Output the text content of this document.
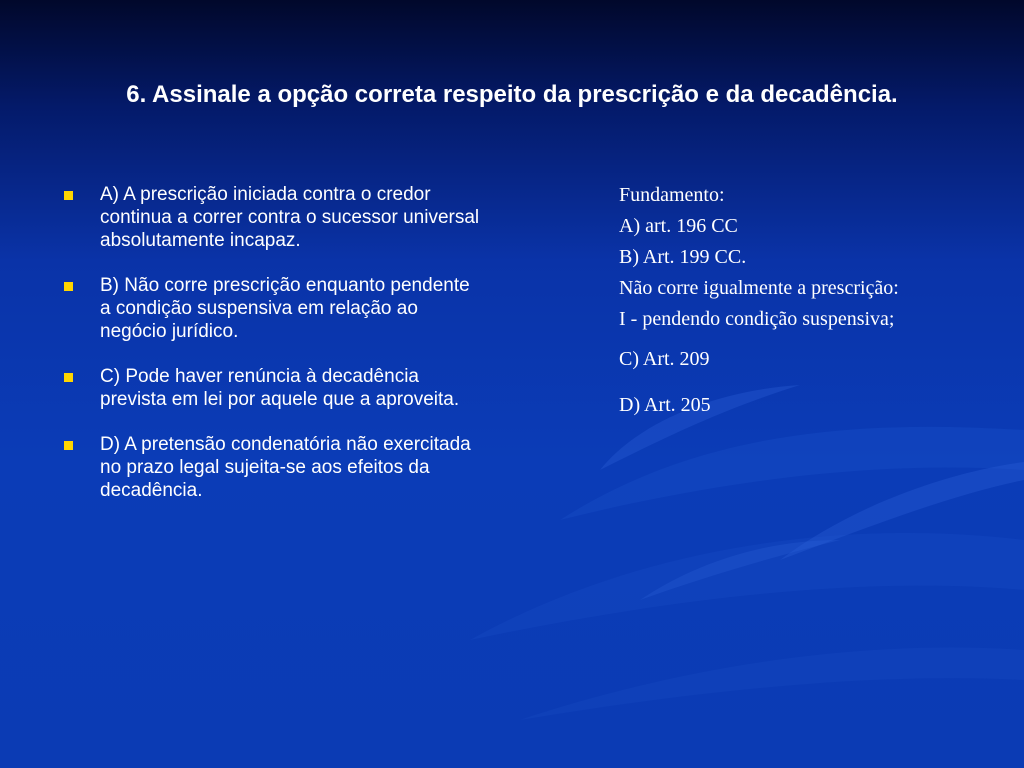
6. Assinale a opção correta respeito da prescrição e da decadência.
A) A prescrição iniciada contra o credor continua a correr contra o sucessor universal absolutamente incapaz.
B) Não corre prescrição enquanto pendente a condição suspensiva em relação ao negócio jurídico.
C) Pode haver renúncia à decadência prevista em lei por aquele que a aproveita.
D) A pretensão condenatória não exercitada no prazo legal sujeita-se aos efeitos da decadência.

Fundamento:

A) art. 196 CC

B) Art. 199 CC.

Não corre igualmente a prescrição:

I - pendendo condição suspensiva;

C) Art. 209

D) Art. 205
